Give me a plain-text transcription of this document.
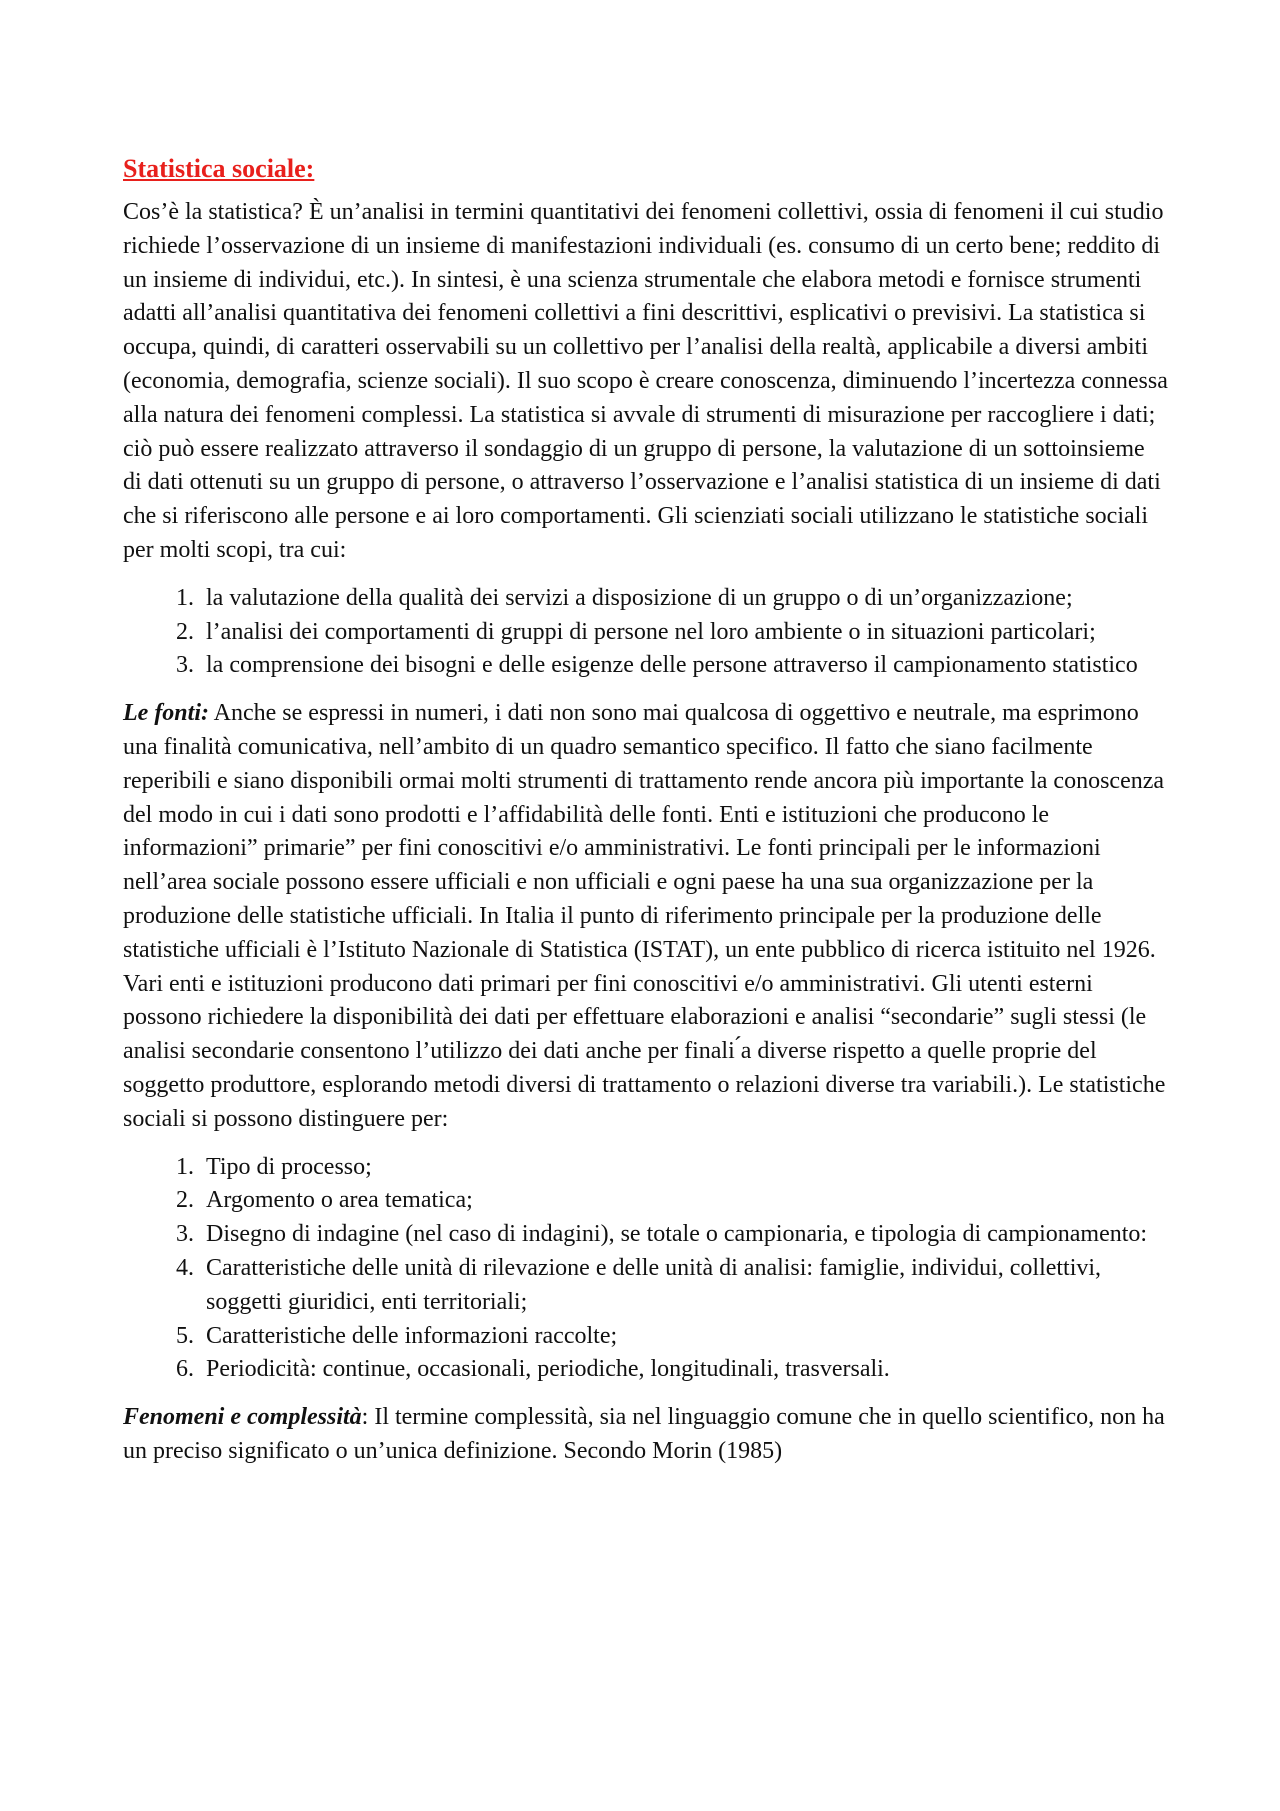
Statistica sociale:

Cos’è la statistica? È un’analisi in termini quantitativi dei fenomeni collettivi, ossia di fenomeni il cui studio richiede l’osservazione di un insieme di manifestazioni individuali (es. consumo di un certo bene; reddito di un insieme di individui, etc.). In sintesi, è una scienza strumentale che elabora metodi e fornisce strumenti adatti all’analisi quantitativa dei fenomeni collettivi a fini descrittivi, esplicativi o previsivi. La statistica si occupa, quindi, di caratteri osservabili su un collettivo per l’analisi della realtà, applicabile a diversi ambiti (economia, demografia, scienze sociali). Il suo scopo è creare conoscenza, diminuendo l’incertezza connessa alla natura dei fenomeni complessi. La statistica si avvale di strumenti di misurazione per raccogliere i dati; ciò può essere realizzato attraverso il sondaggio di un gruppo di persone, la valutazione di un sottoinsieme di dati ottenuti su un gruppo di persone, o attraverso l’osservazione e l’analisi statistica di un insieme di dati che si riferiscono alle persone e ai loro comportamenti. Gli scienziati sociali utilizzano le statistiche sociali per molti scopi, tra cui:

1. la valutazione della qualità dei servizi a disposizione di un gruppo o di un’organizzazione;
2. l’analisi dei comportamenti di gruppi di persone nel loro ambiente o in situazioni particolari;
3. la comprensione dei bisogni e delle esigenze delle persone attraverso il campionamento statistico

Le fonti: Anche se espressi in numeri, i dati non sono mai qualcosa di oggettivo e neutrale, ma esprimono una finalità comunicativa, nell’ambito di un quadro semantico specifico. Il fatto che siano facilmente reperibili e siano disponibili ormai molti strumenti di trattamento rende ancora più importante la conoscenza del modo in cui i dati sono prodotti e l’affidabilità delle fonti. Enti e istituzioni che producono le informazioni” primarie” per fini conoscitivi e/o amministrativi. Le fonti principali per le informazioni nell’area sociale possono essere ufficiali e non ufficiali e ogni paese ha una sua organizzazione per la produzione delle statistiche ufficiali. In Italia il punto di riferimento principale per la produzione delle statistiche ufficiali è l’Istituto Nazionale di Statistica (ISTAT), un ente pubblico di ricerca istituito nel 1926. Vari enti e istituzioni producono dati primari per fini conoscitivi e/o amministrativi. Gli utenti esterni possono richiedere la disponibilità dei dati per effettuare elaborazioni e analisi “secondarie” sugli stessi (le analisi secondarie consentono l’utilizzo dei dati anche per finali ́a diverse rispetto a quelle proprie del soggetto produttore, esplorando metodi diversi di trattamento o relazioni diverse tra variabili.). Le statistiche sociali si possono distinguere per:

1. Tipo di processo;
2. Argomento o area tematica;
3. Disegno di indagine (nel caso di indagini), se totale o campionaria, e tipologia di campionamento:
4. Caratteristiche delle unità di rilevazione e delle unità di analisi: famiglie, individui, collettivi, soggetti giuridici, enti territoriali;
5. Caratteristiche delle informazioni raccolte;
6. Periodicità: continue, occasionali, periodiche, longitudinali, trasversali.

Fenomeni e complessità: Il termine complessità, sia nel linguaggio comune che in quello scientifico, non ha un preciso significato o un’unica definizione. Secondo Morin (1985)
